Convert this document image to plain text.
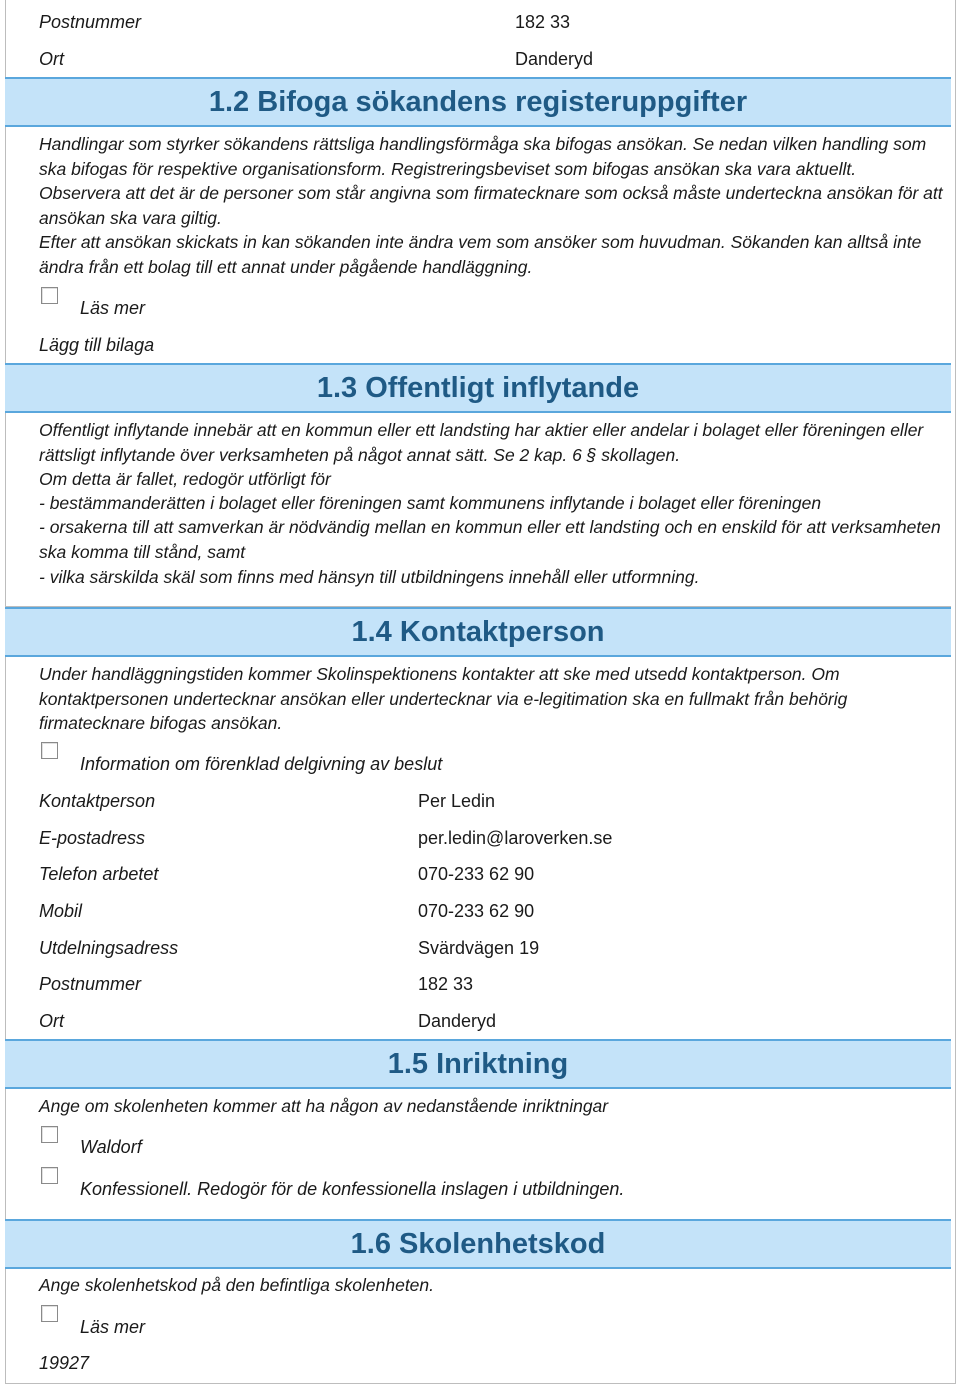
Postnummer	182 33
Ort	Danderyd
1.2 Bifoga sökandens registeruppgifter
Handlingar som styrker sökandens rättsliga handlingsförmåga ska bifogas ansökan. Se nedan vilken handling som ska bifogas för respektive organisationsform. Registreringsbeviset som bifogas ansökan ska vara aktuellt.
Observera att det är de personer som står angivna som firmatecknare som också måste underteckna ansökan för att ansökan ska vara giltig.
Efter att ansökan skickats in kan sökanden inte ändra vem som ansöker som huvudman. Sökanden kan alltså inte ändra från ett bolag till ett annat under pågående handläggning.
Läs mer
Lägg till bilaga
1.3 Offentligt inflytande
Offentligt inflytande innebär att en kommun eller ett landsting har aktier eller andelar i bolaget eller föreningen eller rättsligt inflytande över verksamheten på något annat sätt. Se 2 kap. 6 § skollagen.
Om detta är fallet, redogör utförligt för
- bestämmanderätten i bolaget eller föreningen samt kommunens inflytande i bolaget eller föreningen
- orsakerna till att samverkan är nödvändig mellan en kommun eller ett landsting och en enskild för att verksamheten ska komma till stånd, samt
- vilka särskilda skäl som finns med hänsyn till utbildningens innehåll eller utformning.
1.4 Kontaktperson
Under handläggningstiden kommer Skolinspektionens kontakter att ske med utsedd kontaktperson. Om kontaktpersonen undertecknar ansökan eller undertecknar via e-legitimation ska en fullmakt från behörig firmatecknare bifogas ansökan.
Information om förenklad delgivning av beslut
Kontaktperson	Per Ledin
E-postadress	per.ledin@laroverken.se
Telefon arbetet	070-233 62 90
Mobil	070-233 62 90
Utdelningsadress	Svärdvägen 19
Postnummer	182 33
Ort	Danderyd
1.5 Inriktning
Ange om skolenheten kommer att ha någon av nedanstående inriktningar
Waldorf
Konfessionell. Redogör för de konfessionella inslagen i utbildningen.
1.6 Skolenhetskod
Ange skolenhetskod på den befintliga skolenheten.
Läs mer
19927
